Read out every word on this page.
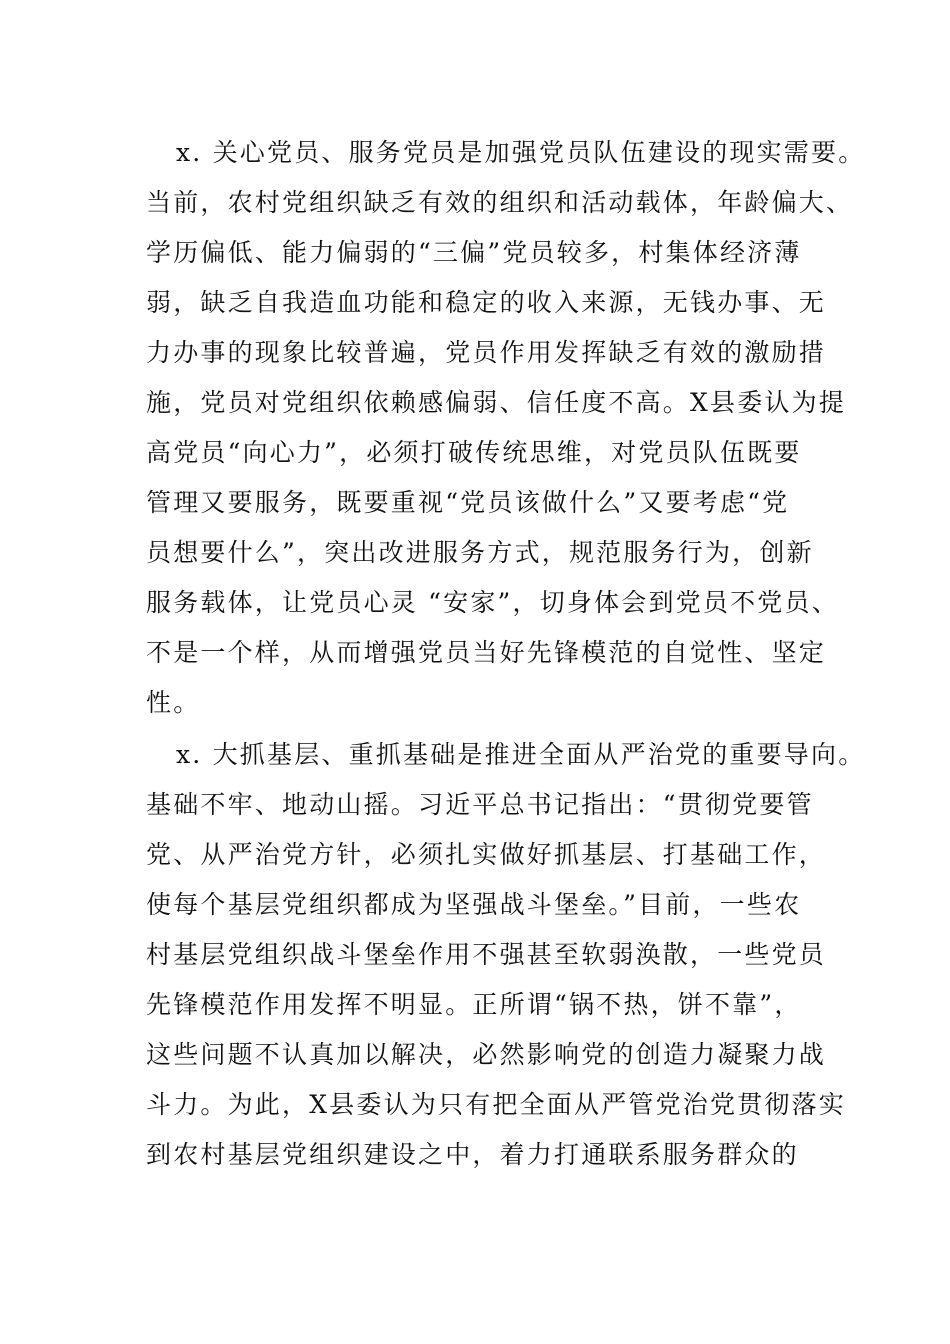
x. 关心党员、服务党员是加强党员队伍建设的现实需要。
当前，农村党组织缺乏有效的组织和活动载体，年龄偏大、
学历偏低、能力偏弱的“三偏”党员较多，村集体经济薄
弱，缺乏自我造血功能和稳定的收入来源，无钱办事、无
力办事的现象比较普遍，党员作用发挥缺乏有效的激励措
施，党员对党组织依赖感偏弱、信任度不高。X县委认为提
高党员“向心力”，必须打破传统思维，对党员队伍既要
管理又要服务，既要重视“党员该做什么”又要考虑“党
员想要什么”，突出改进服务方式，规范服务行为，创新
服务载体，让党员心灵 “安家”，切身体会到党员不党员、
不是一个样，从而增强党员当好先锋模范的自觉性、坚定
性。
x. 大抓基层、重抓基础是推进全面从严治党的重要导向。
基础不牢、地动山摇。习近平总书记指出：“贯彻党要管
党、从严治党方针，必须扎实做好抓基层、打基础工作，
使每个基层党组织都成为坚强战斗堡垒。”目前，一些农
村基层党组织战斗堡垒作用不强甚至软弱涣散，一些党员
先锋模范作用发挥不明显。正所谓“锅不热，饼不靠”，
这些问题不认真加以解决，必然影响党的创造力凝聚力战
斗力。为此，X县委认为只有把全面从严管党治党贯彻落实
到农村基层党组织建设之中，着力打通联系服务群众的
